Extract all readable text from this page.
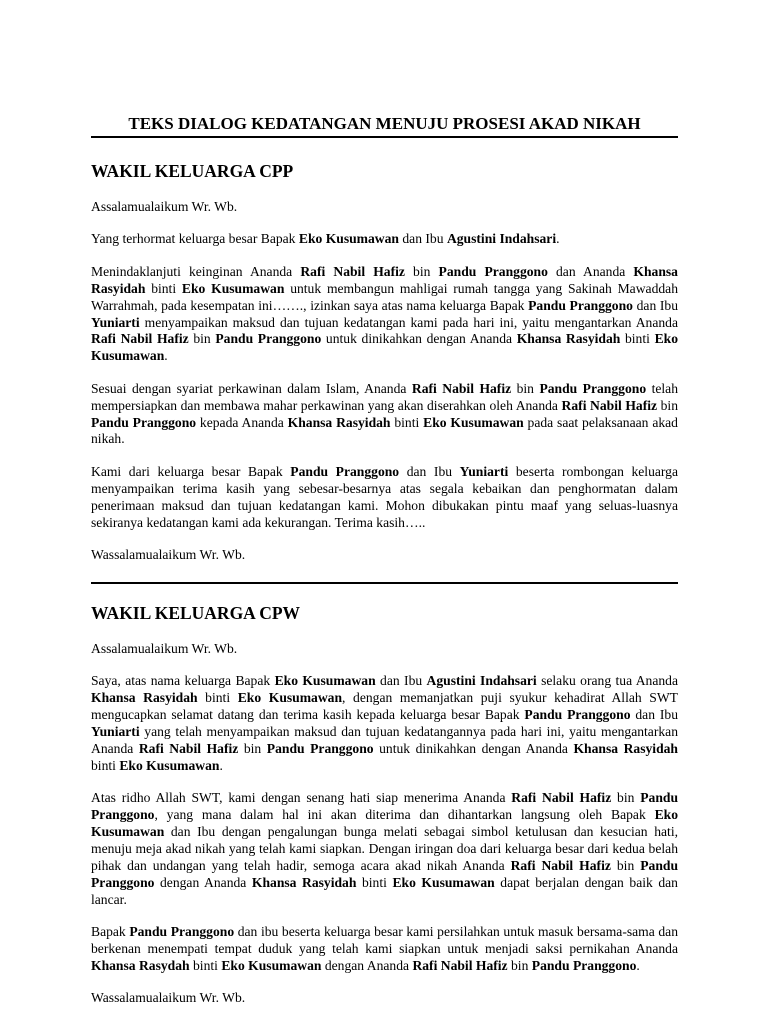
TEKS DIALOG KEDATANGAN MENUJU PROSESI AKAD NIKAH
WAKIL KELUARGA CPP

Assalamualaikum Wr. Wb.

Yang terhormat keluarga besar Bapak Eko Kusumawan dan Ibu Agustini Indahsari.

Menindaklanjuti keinginan Ananda Rafi Nabil Hafiz bin Pandu Pranggono dan Ananda Khansa Rasyidah binti Eko Kusumawan untuk membangun mahligai rumah tangga yang Sakinah Mawaddah Warrahmah, pada kesempatan ini……., izinkan saya atas nama keluarga Bapak Pandu Pranggono dan Ibu Yuniarti menyampaikan maksud dan tujuan kedatangan kami pada hari ini, yaitu mengantarkan Ananda Rafi Nabil Hafiz bin Pandu Pranggono untuk dinikahkan dengan Ananda Khansa Rasyidah binti Eko Kusumawan.

Sesuai dengan syariat perkawinan dalam Islam, Ananda Rafi Nabil Hafiz bin Pandu Pranggono telah mempersiapkan dan membawa mahar perkawinan yang akan diserahkan oleh Ananda Rafi Nabil Hafiz bin Pandu Pranggono kepada Ananda Khansa Rasyidah binti Eko Kusumawan pada saat pelaksanaan akad nikah.

Kami dari keluarga besar Bapak Pandu Pranggono dan Ibu Yuniarti beserta rombongan keluarga menyampaikan terima kasih yang sebesar-besarnya atas segala kebaikan dan penghormatan dalam penerimaan maksud dan tujuan kedatangan kami. Mohon dibukakan pintu maaf yang seluas-luasnya sekiranya kedatangan kami ada kekurangan. Terima kasih…..

Wassalamualaikum Wr. Wb.

WAKIL KELUARGA CPW

Assalamualaikum Wr. Wb.

Saya, atas nama keluarga Bapak Eko Kusumawan dan Ibu Agustini Indahsari selaku orang tua Ananda Khansa Rasyidah binti Eko Kusumawan, dengan memanjatkan puji syukur kehadirat Allah SWT mengucapkan selamat datang dan terima kasih kepada keluarga besar Bapak Pandu Pranggono dan Ibu Yuniarti yang telah menyampaikan maksud dan tujuan kedatangannya pada hari ini, yaitu mengantarkan Ananda Rafi Nabil Hafiz bin Pandu Pranggono untuk dinikahkan dengan Ananda Khansa Rasyidah binti Eko Kusumawan.

Atas ridho Allah SWT, kami dengan senang hati siap menerima Ananda Rafi Nabil Hafiz bin Pandu Pranggono, yang mana dalam hal ini akan diterima dan dihantarkan langsung oleh Bapak Eko Kusumawan dan Ibu dengan pengalungan bunga melati sebagai simbol ketulusan dan kesucian hati, menuju meja akad nikah yang telah kami siapkan. Dengan iringan doa dari keluarga besar dari kedua belah pihak dan undangan yang telah hadir, semoga acara akad nikah Ananda Rafi Nabil Hafiz bin Pandu Pranggono dengan Ananda Khansa Rasyidah binti Eko Kusumawan dapat berjalan dengan baik dan lancar.

Bapak Pandu Pranggono dan ibu beserta keluarga besar kami persilahkan untuk masuk bersama-sama dan berkenan menempati tempat duduk yang telah kami siapkan untuk menjadi saksi pernikahan Ananda Khansa Rasydah binti Eko Kusumawan dengan Ananda Rafi Nabil Hafiz bin Pandu Pranggono.

Wassalamualaikum Wr. Wb.
